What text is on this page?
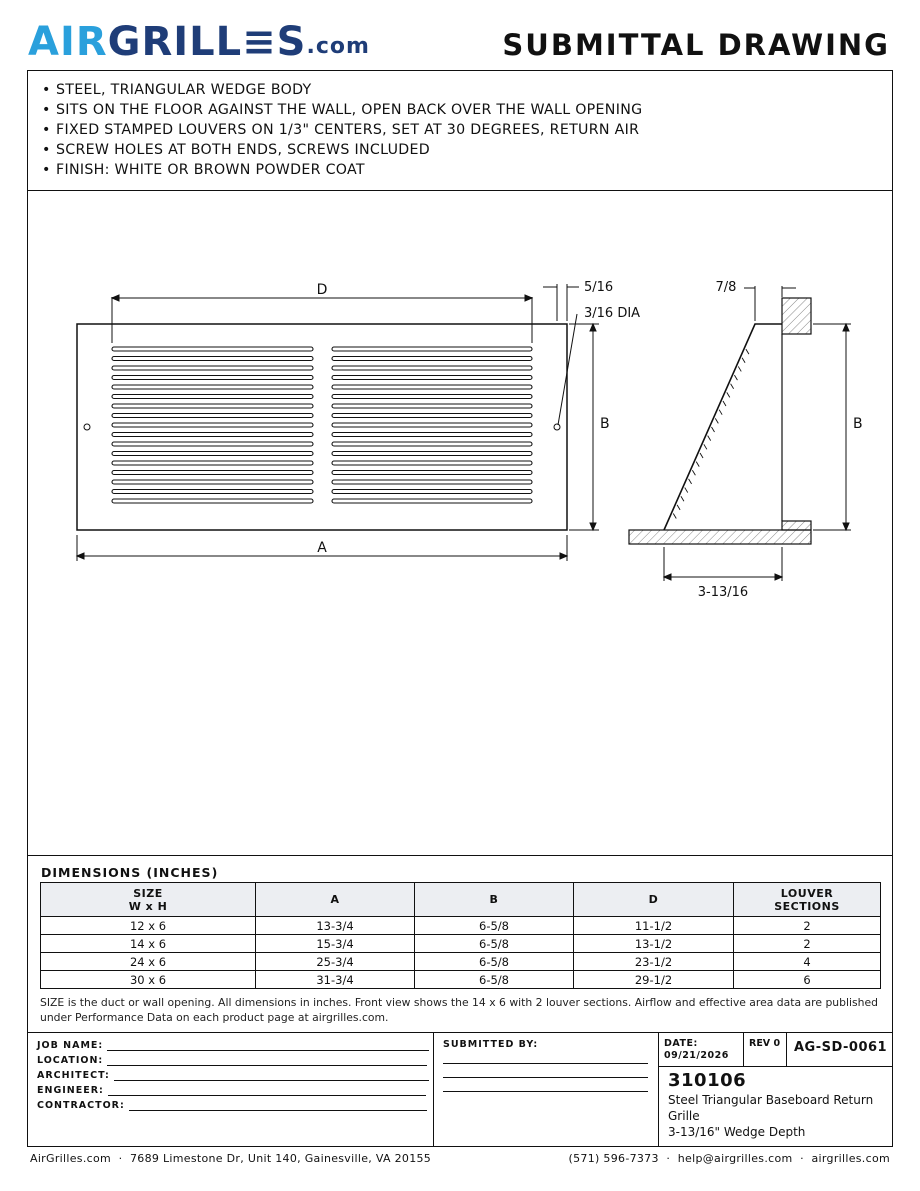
AIR GRILL≡S .com	SUBMITTAL DRAWING
• STEEL, TRIANGULAR WEDGE BODY
• SITS ON THE FLOOR AGAINST THE WALL, OPEN BACK OVER THE WALL OPENING
• FIXED STAMPED LOUVERS ON 1/3" CENTERS, SET AT 30 DEGREES, RETURN AIR
• SCREW HOLES AT BOTH ENDS, SCREWS INCLUDED
• FINISH: WHITE OR BROWN POWDER COAT
D	5/16
3/16 DIA
B
A
7/8
B
3-13/16
DIMENSIONS (INCHES)
SIZE
W x H	A	B	D	LOUVER
SECTIONS
12 x 6	13-3/4	6-5/8	11-1/2	2
14 x 6	15-3/4	6-5/8	13-1/2	2
24 x 6	25-3/4	6-5/8	23-1/2	4
30 x 6	31-3/4	6-5/8	29-1/2	6
SIZE is the duct or wall opening. All dimensions in inches. Front view shows the 14 x 6 with 2 louver sections. Airflow and effective area data are published under Performance Data on each product page at airgrilles.com.
JOB NAME:
LOCATION:
ARCHITECT:
ENGINEER:
CONTRACTOR:
SUBMITTED BY:	DATE:
09/21/2026
REV 0 AG-SD-0061
310106
Steel Triangular Baseboard Return Grille
3-13/16" Wedge Depth
AirGrilles.com  ·  7689 Limestone Dr, Unit 140, Gainesville, VA 20155	(571) 596-7373  ·  help@airgrilles.com  ·  airgrilles.com
